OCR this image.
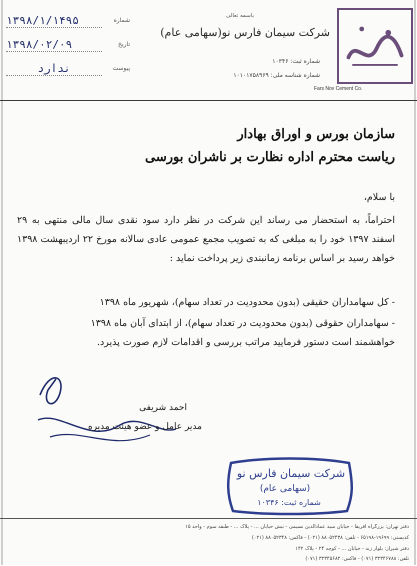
Fars Nov Cement Co.
باسمه تعالی
شرکت سیمان فارس نو(سهامی عام)
شماره ثبت: ۱۰۳۴۶
شماره شناسه ملی: ۱۰۱۰۱۷۵۸۹۶۹
شماره
۱۳۹۸/۱/۱۴۹۵
تاریخ
۱۳۹۸/۰۲/۰۹
پیوست
ندارد
سازمان بورس و اوراق بهادار
ریاست محترم اداره نظارت بر ناشران بورسی
با سلام،
احتراماً، به استحضار می رساند این شرکت در نظر دارد سود نقدی سال مالی منتهی به ۲۹ اسفند ۱۳۹۷ خود را به مبلغی که به تصویب مجمع عمومی عادی سالانه مورخ ۲۲ اردیبهشت ۱۳۹۸ خواهد رسید بر اساس برنامه زمانبندی زیر پرداخت نماید :
- کل سهامداران حقیقی (بدون محدودیت در تعداد سهام)، شهریور ماه ۱۳۹۸
- سهامداران حقوقی (بدون محدودیت در تعداد سهام)، از ابتدای آبان ماه ۱۳۹۸
خواهشمند است دستور فرمایید مراتب بررسی و اقدامات لازم صورت پذیرد.
احمد شریفی
مدیر عامل و عضو هیئت مدیره
شرکت سیمان فارس نو
(سهامی عام)
شماره ثبت: ۱۰۳۴۶
دفتر تهران: بزرگراه آفریقا - خیابان سید عمادالدین نسیمی - نبش خیابان ... - پلاک ... - طبقه سوم - واحد ۱۵
کدپستی: ۱۹۶۹۹-۶۵۱۹۸ - تلفن: ۸۸۰۵۲۴۳۸ (۰۲۱) - فاکس: ۸۸۰۵۲۳۴۸ (۰۲۱)
دفتر شیراز: بلوار زند - خیابان ... - کوچه ۲۴ - پلاک ۱۴۲
تلفن: ۳۲۳۴۶۷۸۸ (۰۷۱) - فاکس: ۳۲۳۴۵۶۸۲ (۰۷۱)
